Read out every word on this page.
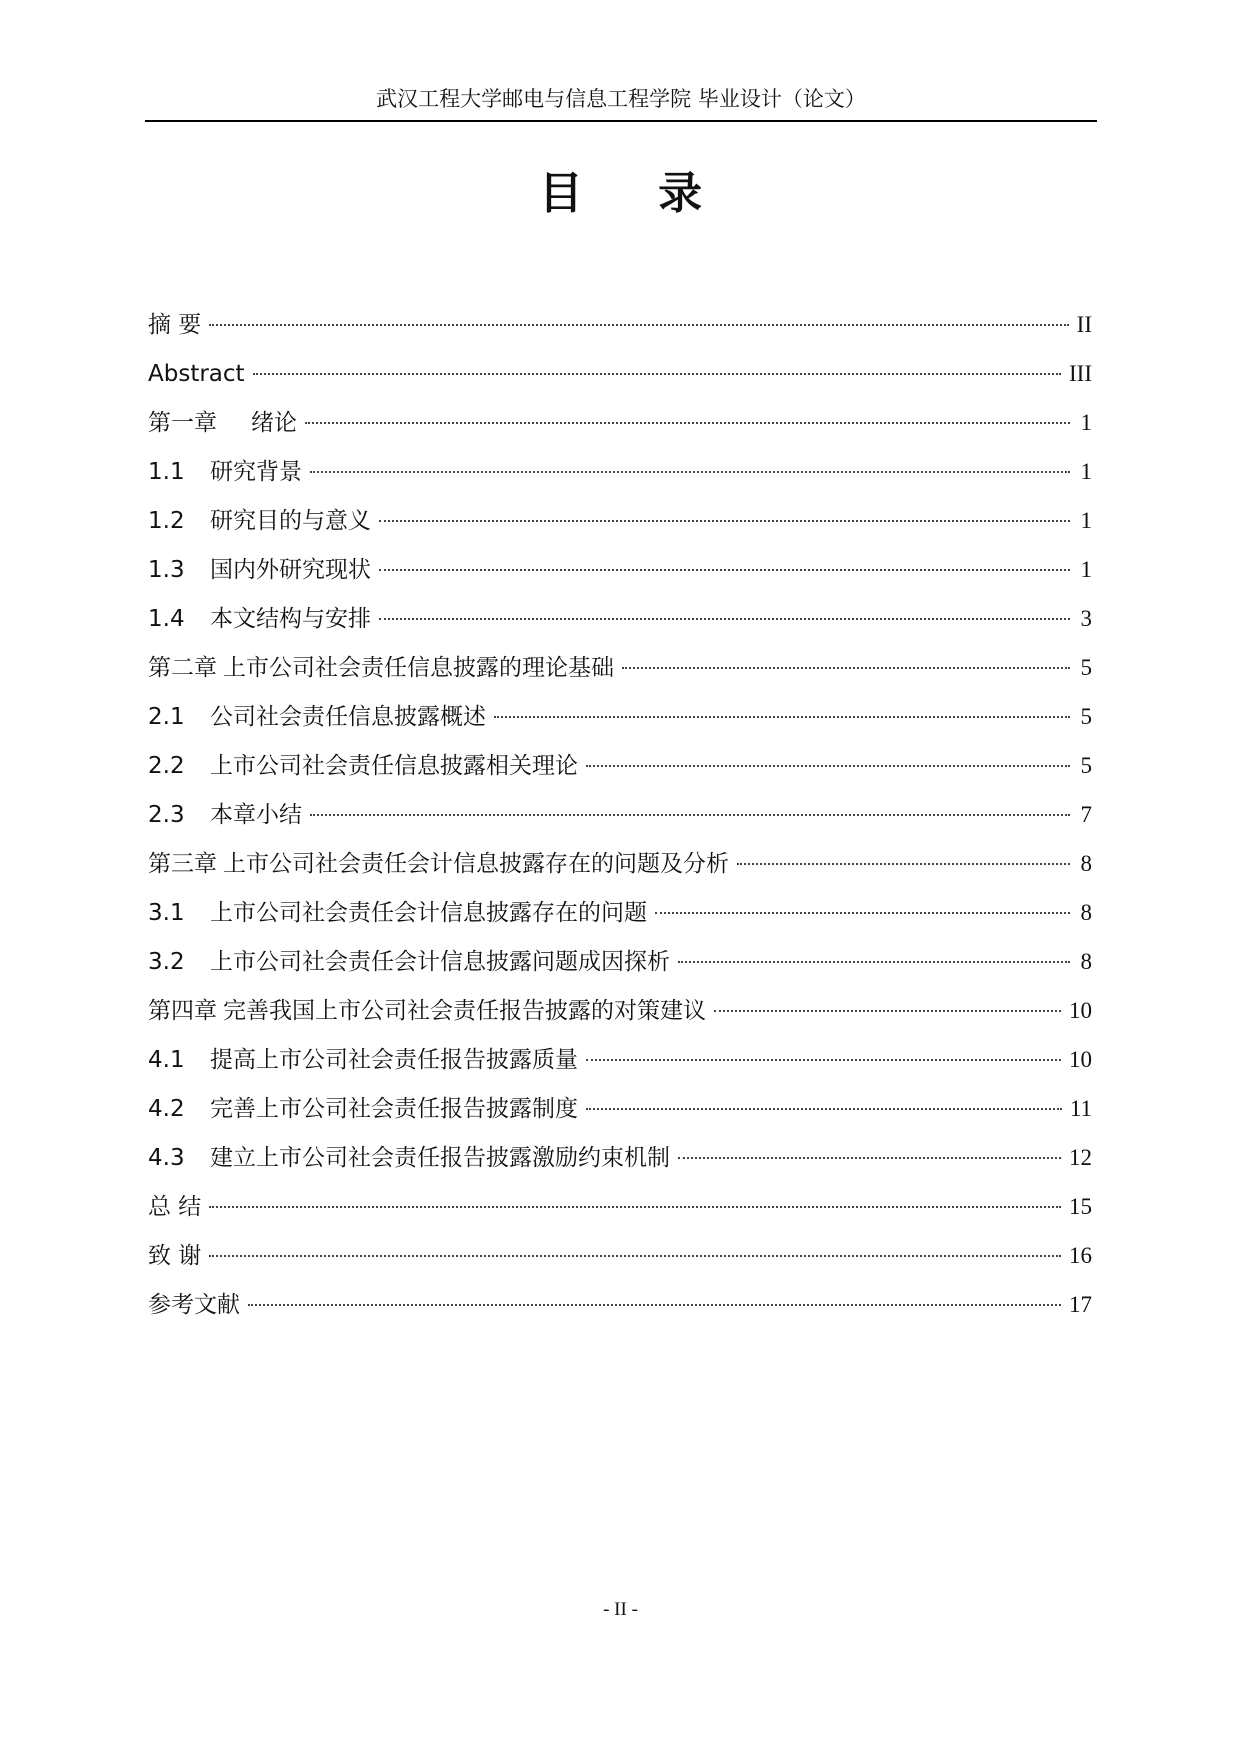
武汉工程大学邮电与信息工程学院 毕业设计（论文）
目 录
摘 要	II
Abstract	III
第一章 绪论	1
1.1	研究背景	1
1.2	研究目的与意义	1
1.3	国内外研究现状	1
1.4	本文结构与安排	3
第二章 上市公司社会责任信息披露的理论基础	5
2.1	公司社会责任信息披露概述	5
2.2	上市公司社会责任信息披露相关理论	5
2.3	本章小结	7
第三章 上市公司社会责任会计信息披露存在的问题及分析	8
3.1	上市公司社会责任会计信息披露存在的问题	8
3.2	上市公司社会责任会计信息披露问题成因探析	8
第四章 完善我国上市公司社会责任报告披露的对策建议	10
4.1	提高上市公司社会责任报告披露质量	10
4.2	完善上市公司社会责任报告披露制度	11
4.3	建立上市公司社会责任报告披露激励约束机制	12
总 结	15
致 谢	16
参考文献	17
- II -
